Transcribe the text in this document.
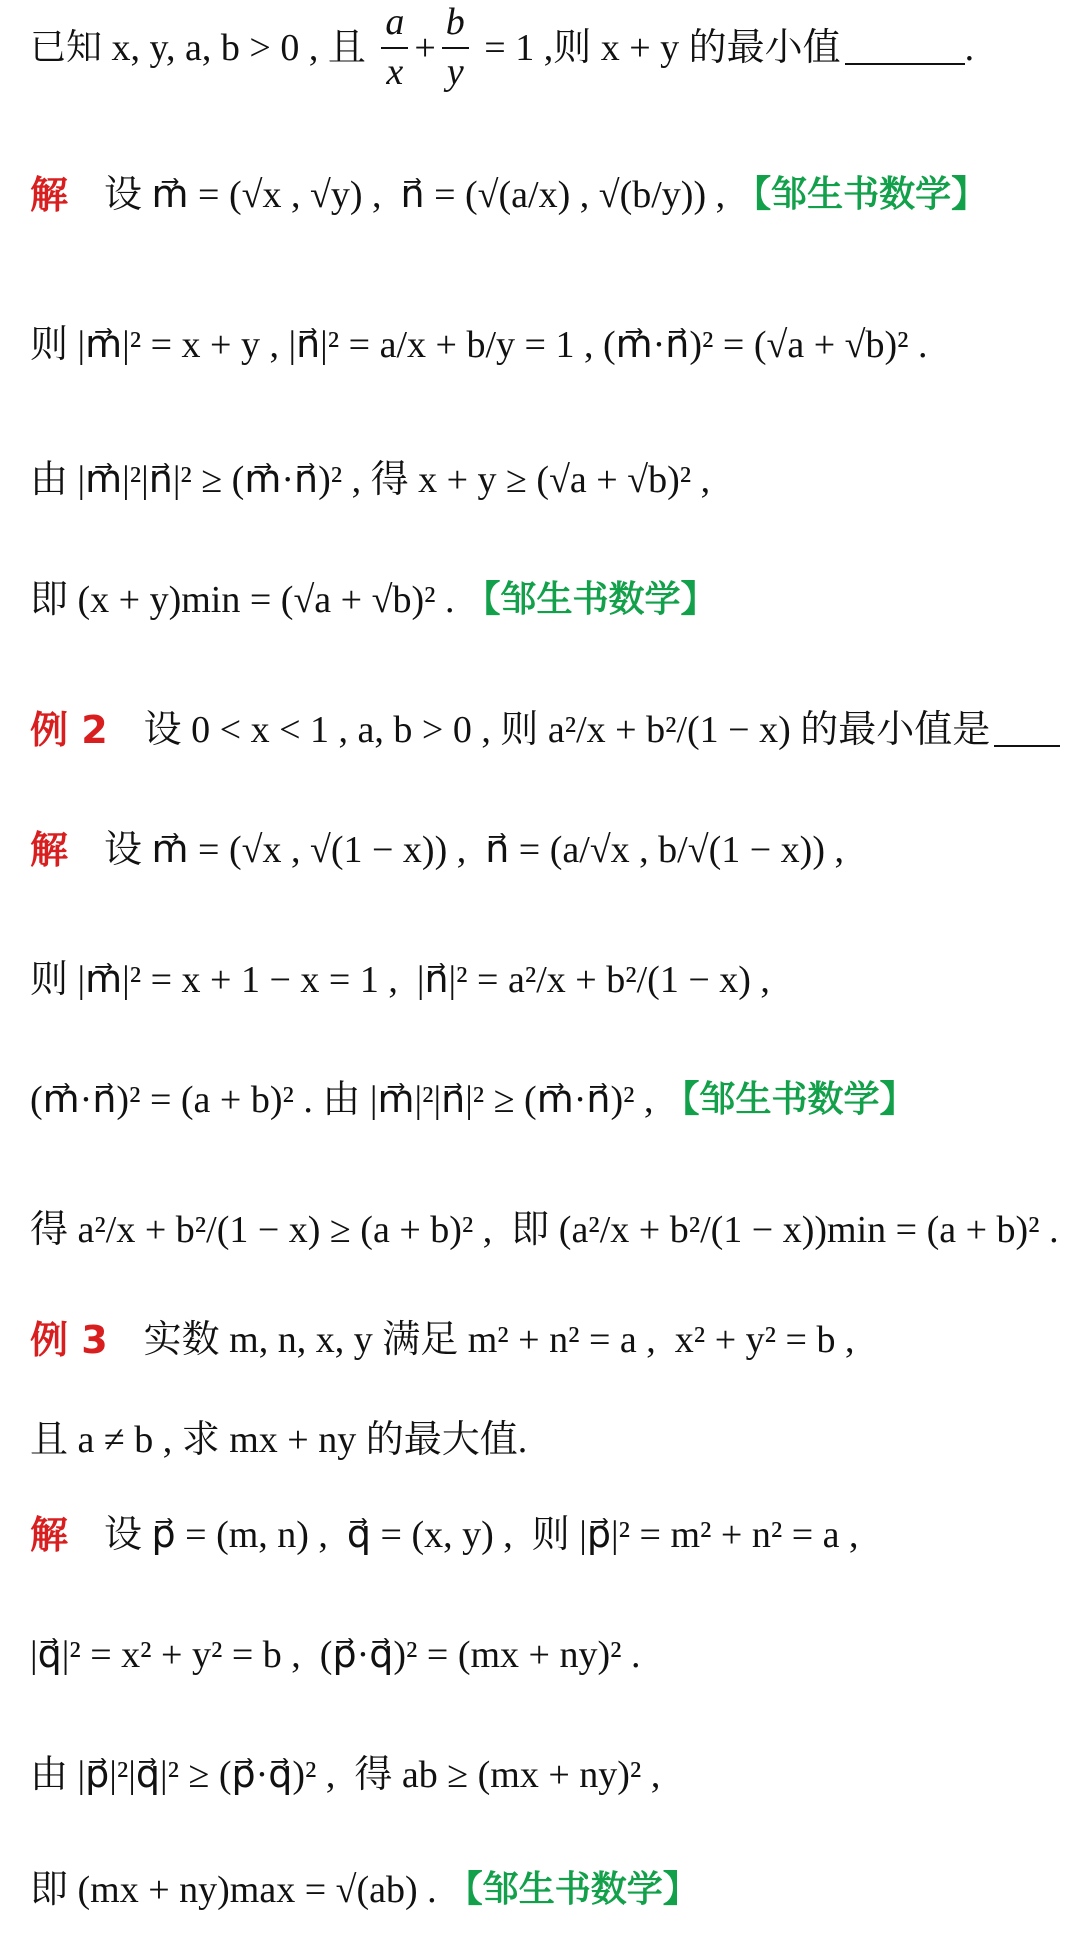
已知 x, y, a, b > 0 , 且 $\frac{a}{x} + \frac{b}{y} = 1$ , 则 x + y 的最小值	.
解 设 m⃗ = (√x , √y) ,  n⃗ = (√(a/x) , √(b/y)) , 【邹生书数学】
则 |m⃗|² = x + y , |n⃗|² = a/x + b/y = 1 , (m⃗·n⃗)² = (√a + √b)² .
由 |m⃗|²|n⃗|² ≥ (m⃗·n⃗)² , 得 x + y ≥ (√a + √b)² ,
即 (x + y)min = (√a + √b)² . 【邹生书数学】
例 2 设 0 < x < 1 , a, b > 0 , 则 a²/x + b²/(1 − x) 的最小值是
解 设 m⃗ = (√x , √(1 − x)) ,  n⃗ = (a/√x , b/√(1 − x)) ,
则 |m⃗|² = x + 1 − x = 1 ,  |n⃗|² = a²/x + b²/(1 − x) ,
(m⃗·n⃗)² = (a + b)² . 由 |m⃗|²|n⃗|² ≥ (m⃗·n⃗)² , 【邹生书数学】
得 a²/x + b²/(1 − x) ≥ (a + b)² ,  即 (a²/x + b²/(1 − x))min = (a + b)² .
例 3 实数 m, n, x, y 满足 m² + n² = a ,  x² + y² = b ,
且 a ≠ b , 求 mx + ny 的最大值.
解 设 p⃗ = (m, n) ,  q⃗ = (x, y) ,  则 |p⃗|² = m² + n² = a ,
|q⃗|² = x² + y² = b ,  (p⃗·q⃗)² = (mx + ny)² .
由 |p⃗|²|q⃗|² ≥ (p⃗·q⃗)² ,  得 ab ≥ (mx + ny)² ,
即 (mx + ny)max = √(ab) . 【邹生书数学】
